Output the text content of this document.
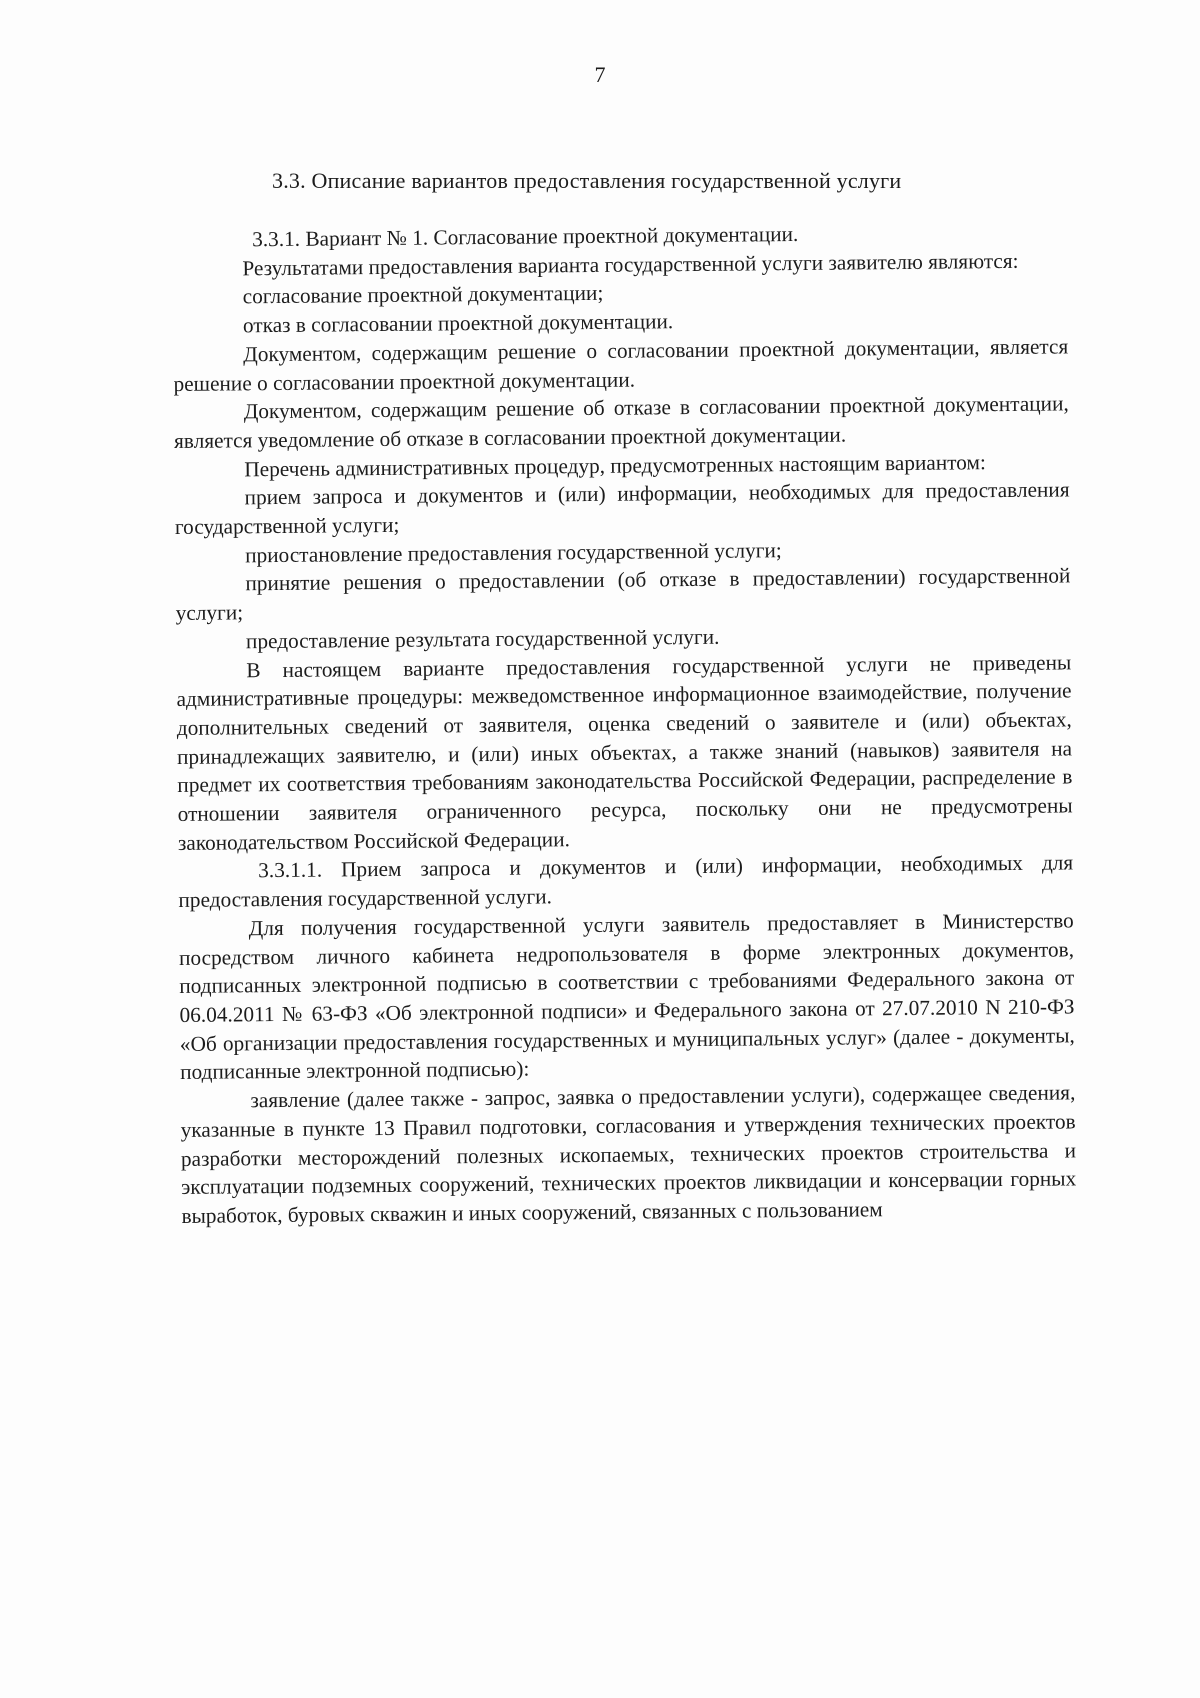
7
3.3. Описание вариантов предоставления государственной услуги

3.3.1. Вариант № 1. Согласование проектной документации.

Результатами предоставления варианта государственной услуги заявителю являются:

согласование проектной документации;

отказ в согласовании проектной документации.

Документом, содержащим решение о согласовании проектной документации, является решение о согласовании проектной документации.

Документом, содержащим решение об отказе в согласовании проектной документации, является уведомление об отказе в согласовании проектной документации.

Перечень административных процедур, предусмотренных настоящим вариантом:

прием запроса и документов и (или) информации, необходимых для предоставления государственной услуги;

приостановление предоставления государственной услуги;

принятие решения о предоставлении (об отказе в предоставлении) государственной услуги;

предоставление результата государственной услуги.

В настоящем варианте предоставления государственной услуги не приведены административные процедуры: межведомственное информационное взаимодействие, получение дополнительных сведений от заявителя, оценка сведений о заявителе и (или) объектах, принадлежащих заявителю, и (или) иных объектах, а также знаний (навыков) заявителя на предмет их соответствия требованиям законодательства Российской Федерации, распределение в отношении заявителя ограниченного ресурса, поскольку они не предусмотрены законодательством Российской Федерации.

3.3.1.1. Прием запроса и документов и (или) информации, необходимых для предоставления государственной услуги.

Для получения государственной услуги заявитель предоставляет в Министерство посредством личного кабинета недропользователя в форме электронных документов, подписанных электронной подписью в соответствии с требованиями Федерального закона от 06.04.2011 № 63-ФЗ «Об электронной подписи» и Федерального закона от 27.07.2010 N 210-ФЗ «Об организации предоставления государственных и муниципальных услуг» (далее - документы, подписанные электронной подписью):

заявление (далее также - запрос, заявка о предоставлении услуги), содержащее сведения, указанные в пункте 13 Правил подготовки, согласования и утверждения технических проектов разработки месторождений полезных ископаемых, технических проектов строительства и эксплуатации подземных сооружений, технических проектов ликвидации и консервации горных выработок, буровых скважин и иных сооружений, связанных с пользованием
